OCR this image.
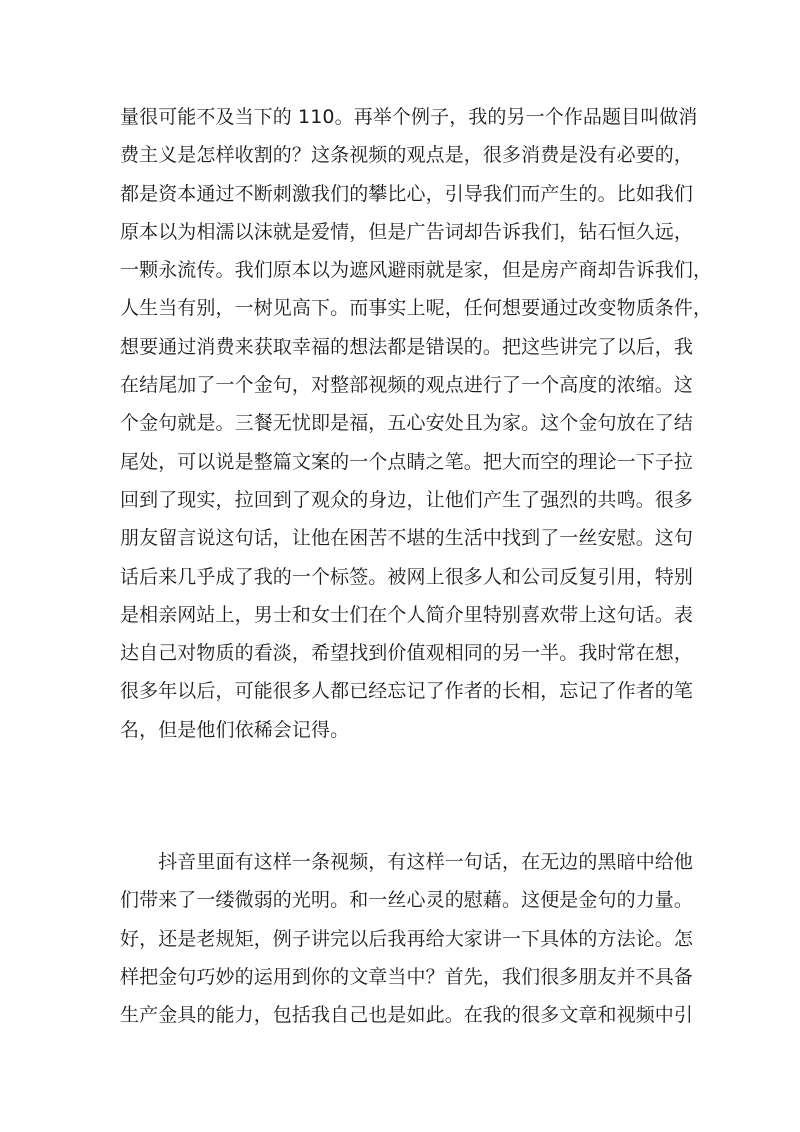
量很可能不及当下的 110。再举个例子，我的另一个作品题目叫做消
费主义是怎样收割的？这条视频的观点是，很多消费是没有必要的，
都是资本通过不断刺激我们的攀比心，引导我们而产生的。比如我们
原本以为相濡以沫就是爱情，但是广告词却告诉我们，钻石恒久远，
一颗永流传。我们原本以为遮风避雨就是家，但是房产商却告诉我们，
人生当有别，一树见高下。而事实上呢，任何想要通过改变物质条件，
想要通过消费来获取幸福的想法都是错误的。把这些讲完了以后，我
在结尾加了一个金句，对整部视频的观点进行了一个高度的浓缩。这
个金句就是。三餐无忧即是福，五心安处且为家。这个金句放在了结
尾处，可以说是整篇文案的一个点睛之笔。把大而空的理论一下子拉
回到了现实，拉回到了观众的身边，让他们产生了强烈的共鸣。很多
朋友留言说这句话，让他在困苦不堪的生活中找到了一丝安慰。这句
话后来几乎成了我的一个标签。被网上很多人和公司反复引用，特别
是相亲网站上，男士和女士们在个人简介里特别喜欢带上这句话。表
达自己对物质的看淡，希望找到价值观相同的另一半。我时常在想，
很多年以后，可能很多人都已经忘记了作者的长相，忘记了作者的笔
名，但是他们依稀会记得。
　　抖音里面有这样一条视频，有这样一句话，在无边的黑暗中给他
们带来了一缕微弱的光明。和一丝心灵的慰藉。这便是金句的力量。
好，还是老规矩，例子讲完以后我再给大家讲一下具体的方法论。怎
样把金句巧妙的运用到你的文章当中？首先，我们很多朋友并不具备
生产金具的能力，包括我自己也是如此。在我的很多文章和视频中引
